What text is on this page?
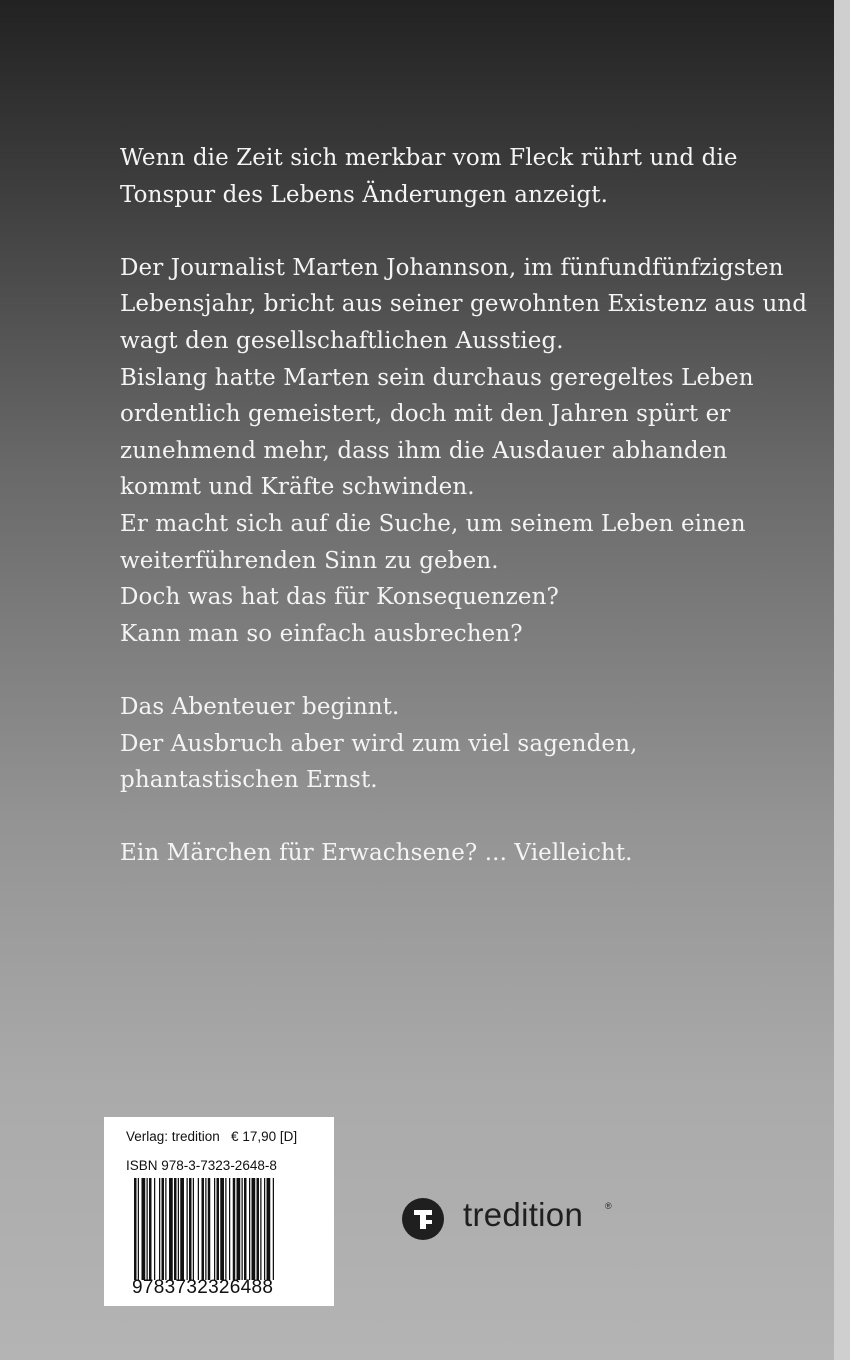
Wenn die Zeit sich merkbar vom Fleck rührt und die
Tonspur des Lebens Änderungen anzeigt.
Der Journalist Marten Johannson, im fünfundfünfzigsten
Lebensjahr, bricht aus seiner gewohnten Existenz aus und
wagt den gesellschaftlichen Ausstieg.
Bislang hatte Marten sein durchaus geregeltes Leben
ordentlich gemeistert, doch mit den Jahren spürt er
zunehmend mehr, dass ihm die Ausdauer abhanden
kommt und Kräfte schwinden.
Er macht sich auf die Suche, um seinem Leben einen
weiterführenden Sinn zu geben.
Doch was hat das für Konsequenzen?
Kann man so einfach ausbrechen?
Das Abenteuer beginnt.
Der Ausbruch aber wird zum viel sagenden,
phantastischen Ernst.
Ein Märchen für Erwachsene? ... Vielleicht.
Verlag: tredition   € 17,90 [D]
ISBN 978-3-7323-2648-8
9783732326488
tredition ®
